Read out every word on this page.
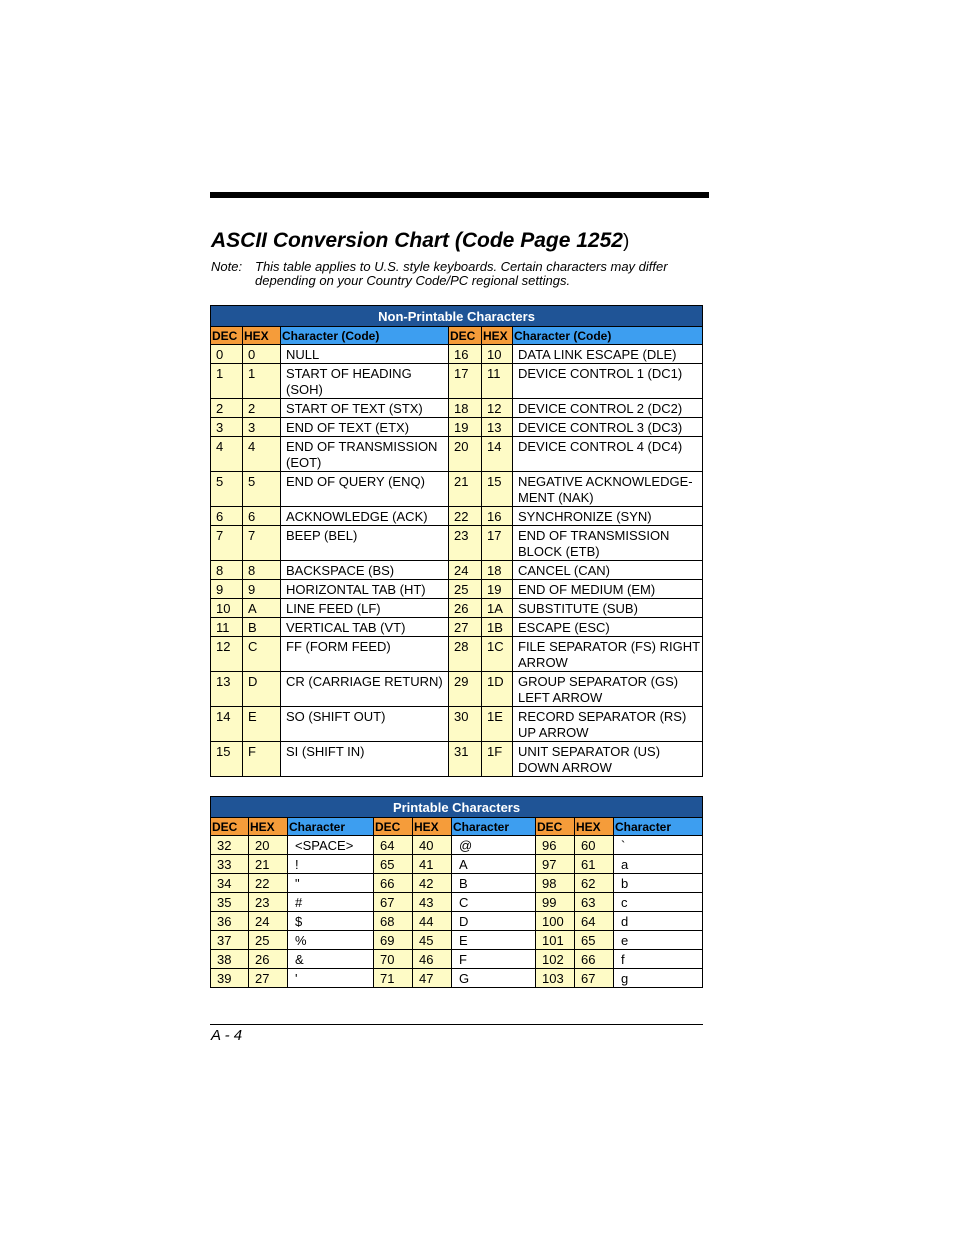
ASCII Conversion Chart (Code Page 1252)
Note: This table applies to U.S. style keyboards. Certain characters may differ depending on your Country Code/PC regional settings.
Non-Printable Characters					
DEC	HEX	Character (Code)	DEC	HEX	Character (Code)
0	0	NULL	16	10	DATA LINK ESCAPE (DLE)
1	1	START OF HEADING (SOH)	17	11	DEVICE CONTROL 1 (DC1)
2	2	START OF TEXT (STX)	18	12	DEVICE CONTROL 2 (DC2)
3	3	END OF TEXT (ETX)	19	13	DEVICE CONTROL 3 (DC3)
4	4	END OF TRANSMISSION (EOT)	20	14	DEVICE CONTROL 4 (DC4)
5	5	END OF QUERY (ENQ)	21	15	NEGATIVE ACKNOWLEDGE-MENT (NAK)
6	6	ACKNOWLEDGE (ACK)	22	16	SYNCHRONIZE (SYN)
7	7	BEEP (BEL)	23	17	END OF TRANSMISSION BLOCK (ETB)
8	8	BACKSPACE (BS)	24	18	CANCEL (CAN)
9	9	HORIZONTAL TAB (HT)	25	19	END OF MEDIUM (EM)
10	A	LINE FEED (LF)	26	1A	SUBSTITUTE (SUB)
11	B	VERTICAL TAB (VT)	27	1B	ESCAPE (ESC)
12	C	FF (FORM FEED)	28	1C	FILE SEPARATOR (FS) RIGHT ARROW
13	D	CR (CARRIAGE RETURN)	29	1D	GROUP SEPARATOR (GS) LEFT ARROW
14	E	SO (SHIFT OUT)	30	1E	RECORD SEPARATOR (RS) UP ARROW
15	F	SI (SHIFT IN)	31	1F	UNIT SEPARATOR (US) DOWN ARROW
Printable Characters								
DEC	HEX	Character	DEC	HEX	Character	DEC	HEX	Character
32	20	<SPACE>	64	40	@	96	60	`
33	21	!	65	41	A	97	61	a
34	22	"	66	42	B	98	62	b
35	23	#	67	43	C	99	63	c
36	24	$	68	44	D	100	64	d
37	25	%	69	45	E	101	65	e
38	26	&	70	46	F	102	66	f
39	27	'	71	47	G	103	67	g
A - 4
